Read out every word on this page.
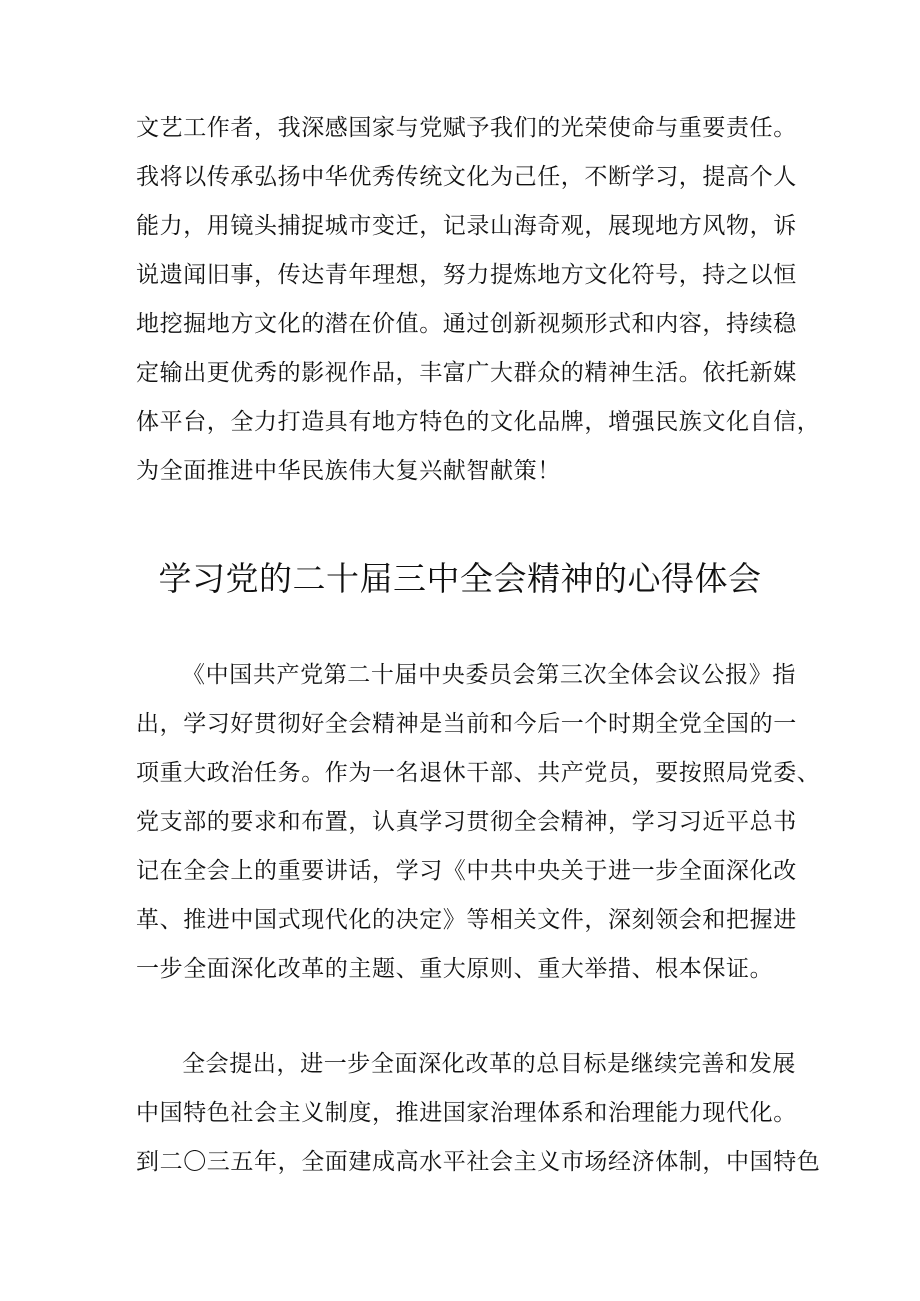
文艺工作者，我深感国家与党赋予我们的光荣使命与重要责任。
我将以传承弘扬中华优秀传统文化为己任，不断学习，提高个人
能力，用镜头捕捉城市变迁，记录山海奇观，展现地方风物，诉
说遗闻旧事，传达青年理想，努力提炼地方文化符号，持之以恒
地挖掘地方文化的潜在价值。通过创新视频形式和内容，持续稳
定输出更优秀的影视作品，丰富广大群众的精神生活。依托新媒
体平台，全力打造具有地方特色的文化品牌，增强民族文化自信，
为全面推进中华民族伟大复兴献智献策！
学习党的二十届三中全会精神的心得体会
《中国共产党第二十届中央委员会第三次全体会议公报》指
出，学习好贯彻好全会精神是当前和今后一个时期全党全国的一
项重大政治任务。作为一名退休干部、共产党员，要按照局党委、
党支部的要求和布置，认真学习贯彻全会精神，学习习近平总书
记在全会上的重要讲话，学习《中共中央关于进一步全面深化改
革、推进中国式现代化的决定》等相关文件，深刻领会和把握进
一步全面深化改革的主题、重大原则、重大举措、根本保证。
全会提出，进一步全面深化改革的总目标是继续完善和发展
中国特色社会主义制度，推进国家治理体系和治理能力现代化。
到二〇三五年，全面建成高水平社会主义市场经济体制，中国特色
